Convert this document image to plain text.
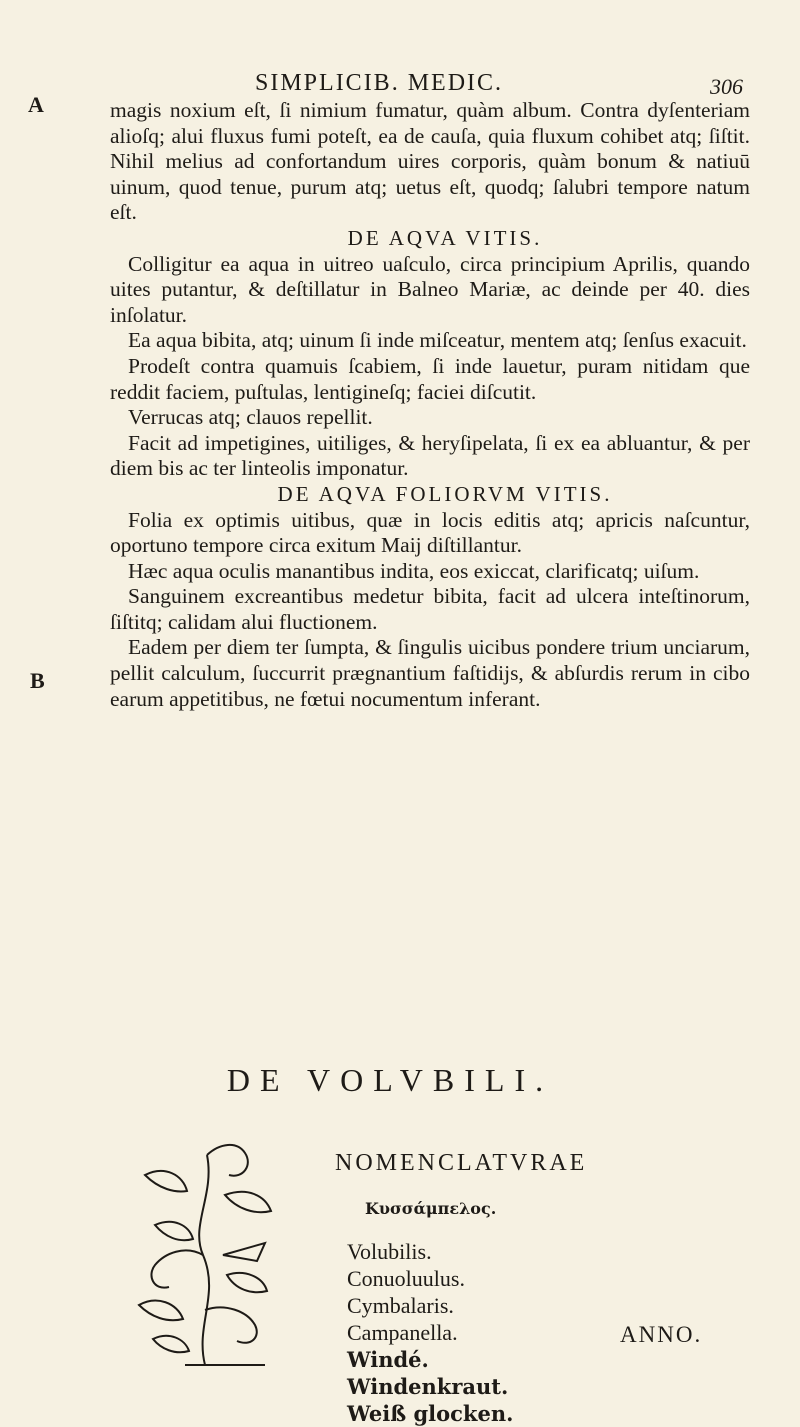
SIMPLICIB. MEDIC.	306
A
B

magis noxium eſt, ſi nimium fumatur, quàm album. Contra dyſenteriam alioſq; alui fluxus fumi poteſt, ea de cauſa, quia fluxum cohibet atq; ſiſtit. Nihil melius ad confortandum uires corporis, quàm bonum & natiuū uinum, quod tenue, purum atq; uetus eſt, quodq; ſalubri tempore natum eſt.

DE AQVA VITIS.

Colligitur ea aqua in uitreo uaſculo, circa principium Aprilis, quando uites putantur, & deſtillatur in Balneo Mariæ, ac deinde per 40. dies inſolatur.

Ea aqua bibita, atq; uinum ſi inde miſceatur, mentem atq; ſenſus exacuit.

Prodeſt contra quamuis ſcabiem, ſi inde lauetur, puram nitidam que reddit faciem, puſtulas, lentigineſq; faciei diſcutit.

Verrucas atq; clauos repellit.

Facit ad impetigines, uitiliges, & heryſipelata, ſi ex ea abluantur, & per diem bis ac ter linteolis imponatur.

DE AQVA FOLIORVM VITIS.

Folia ex optimis uitibus, quæ in locis editis atq; apricis naſcuntur, oportuno tempore circa exitum Maij diſtillantur.

Hæc aqua oculis manantibus indita, eos exiccat, clarificatq; uiſum.

Sanguinem excreantibus medetur bibita, facit ad ulcera inteſtinorum, ſiſtitq; calidam alui fluctionem.

Eadem per diem ter ſumpta, & ſingulis uicibus pondere trium unciarum, pellit calculum, ſuccurrit prægnantium faſtidijs, & abſurdis rerum in cibo earum appetitibus, ne fœtui nocumentum inferant.

DE VOLVBILI.

NOMENCLATVRAE

Κυσσάμπελος.

Volubilis.
Conuoluulus.
Cymbalaris.
Campanella.
Windé.
Windenkraut.
Weiß glocken.
ANNO.
